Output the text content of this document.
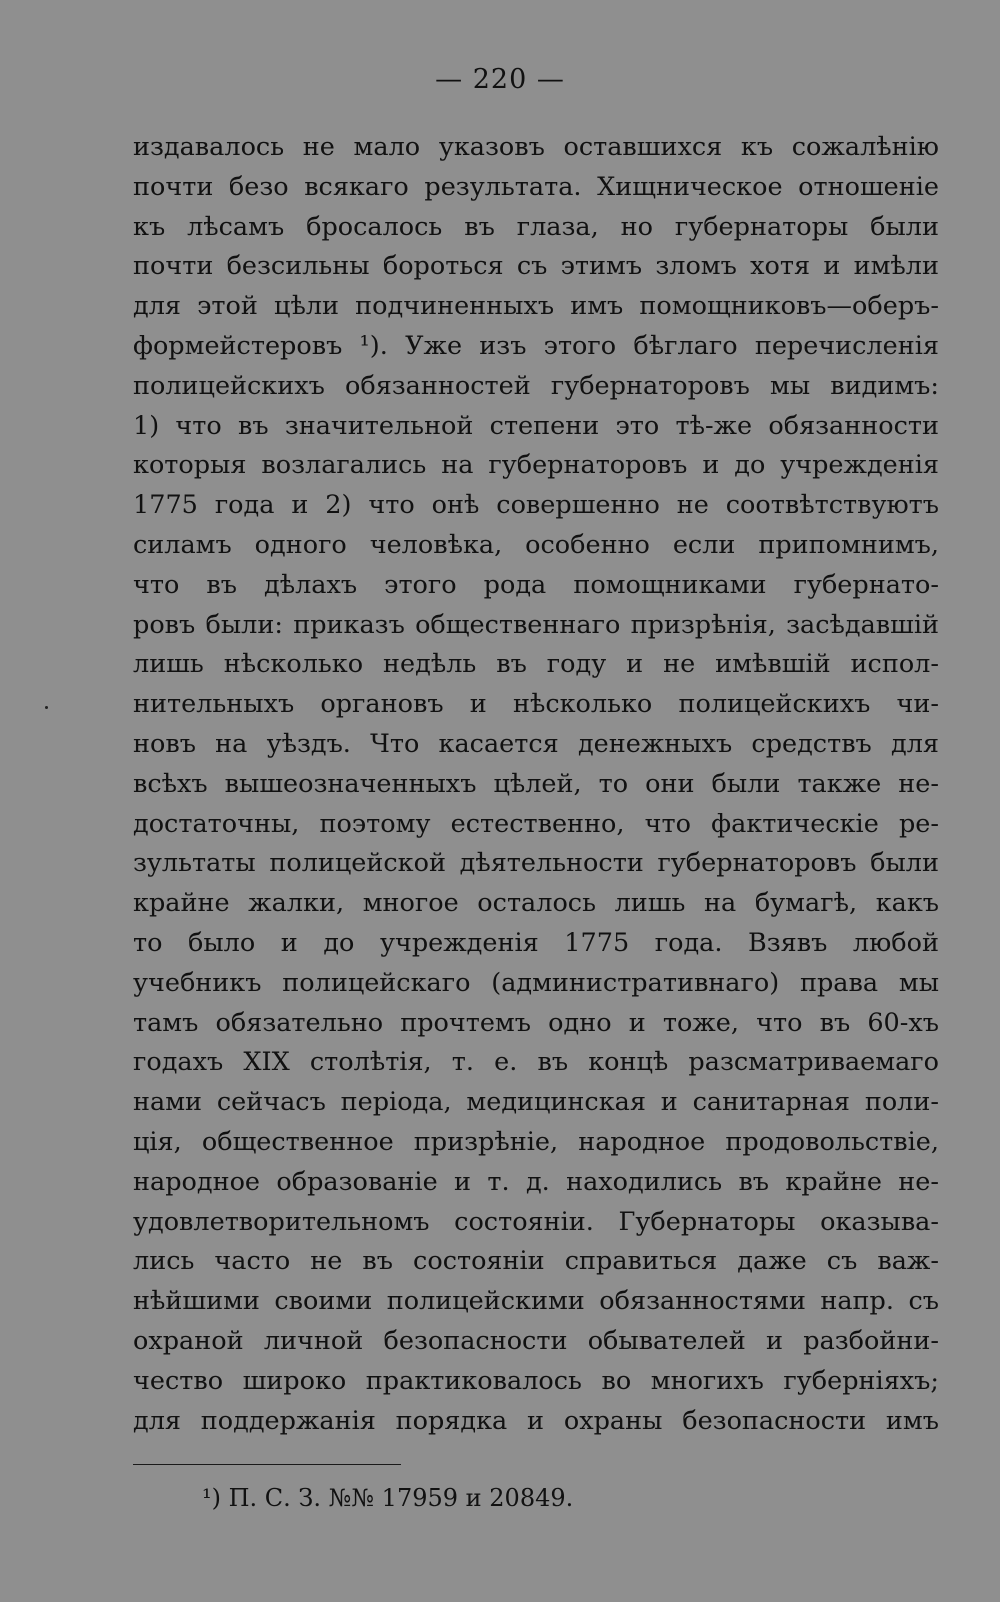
— 220 —
издавалось не мало указовъ оставшихся къ сожалѣнію
почти безо всякаго результата. Хищническое отношеніе
къ лѣсамъ бросалось въ глаза, но губернаторы были
почти безсильны бороться съ этимъ зломъ хотя и имѣли
для этой цѣли подчиненныхъ имъ помощниковъ—оберъ-
формейстеровъ ¹). Уже изъ этого бѣглаго перечисленія
полицейскихъ обязанностей губернаторовъ мы видимъ:
1) что въ значительной степени это тѣ-же обязанности
которыя возлагались на губернаторовъ и до учрежденія
1775 года и 2) что онѣ совершенно не соотвѣтствуютъ
силамъ одного человѣка, особенно если припомнимъ,
что въ дѣлахъ этого рода помощниками губернато-
ровъ были: приказъ общественнаго призрѣнія, засѣдавшій
лишь нѣсколько недѣль въ году и не имѣвшій испол-
нительныхъ органовъ и нѣсколько полицейскихъ чи-
новъ на уѣздъ. Что касается денежныхъ средствъ для
всѣхъ вышеозначенныхъ цѣлей, то они были также не-
достаточны, поэтому естественно, что фактическіе ре-
зультаты полицейской дѣятельности губернаторовъ были
крайне жалки, многое осталось лишь на бумагѣ, какъ
то было и до учрежденія 1775 года. Взявъ любой
учебникъ полицейскаго (административнаго) права мы
тамъ обязательно прочтемъ одно и тоже, что въ 60-хъ
годахъ XIX столѣтія, т. е. въ концѣ разсматриваемаго
нами сейчасъ періода, медицинская и санитарная поли-
ція, общественное призрѣніе, народное продовольствіе,
народное образованіе и т. д. находились въ крайне не-
удовлетворительномъ состояніи. Губернаторы оказыва-
лись часто не въ состояніи справиться даже съ важ-
нѣйшими своими полицейскими обязанностями напр. съ
охраной личной безопасности обывателей и разбойни-
чество широко практиковалось во многихъ губерніяхъ;
для поддержанія порядка и охраны безопасности имъ
¹) П. С. З. №№ 17959 и 20849.
